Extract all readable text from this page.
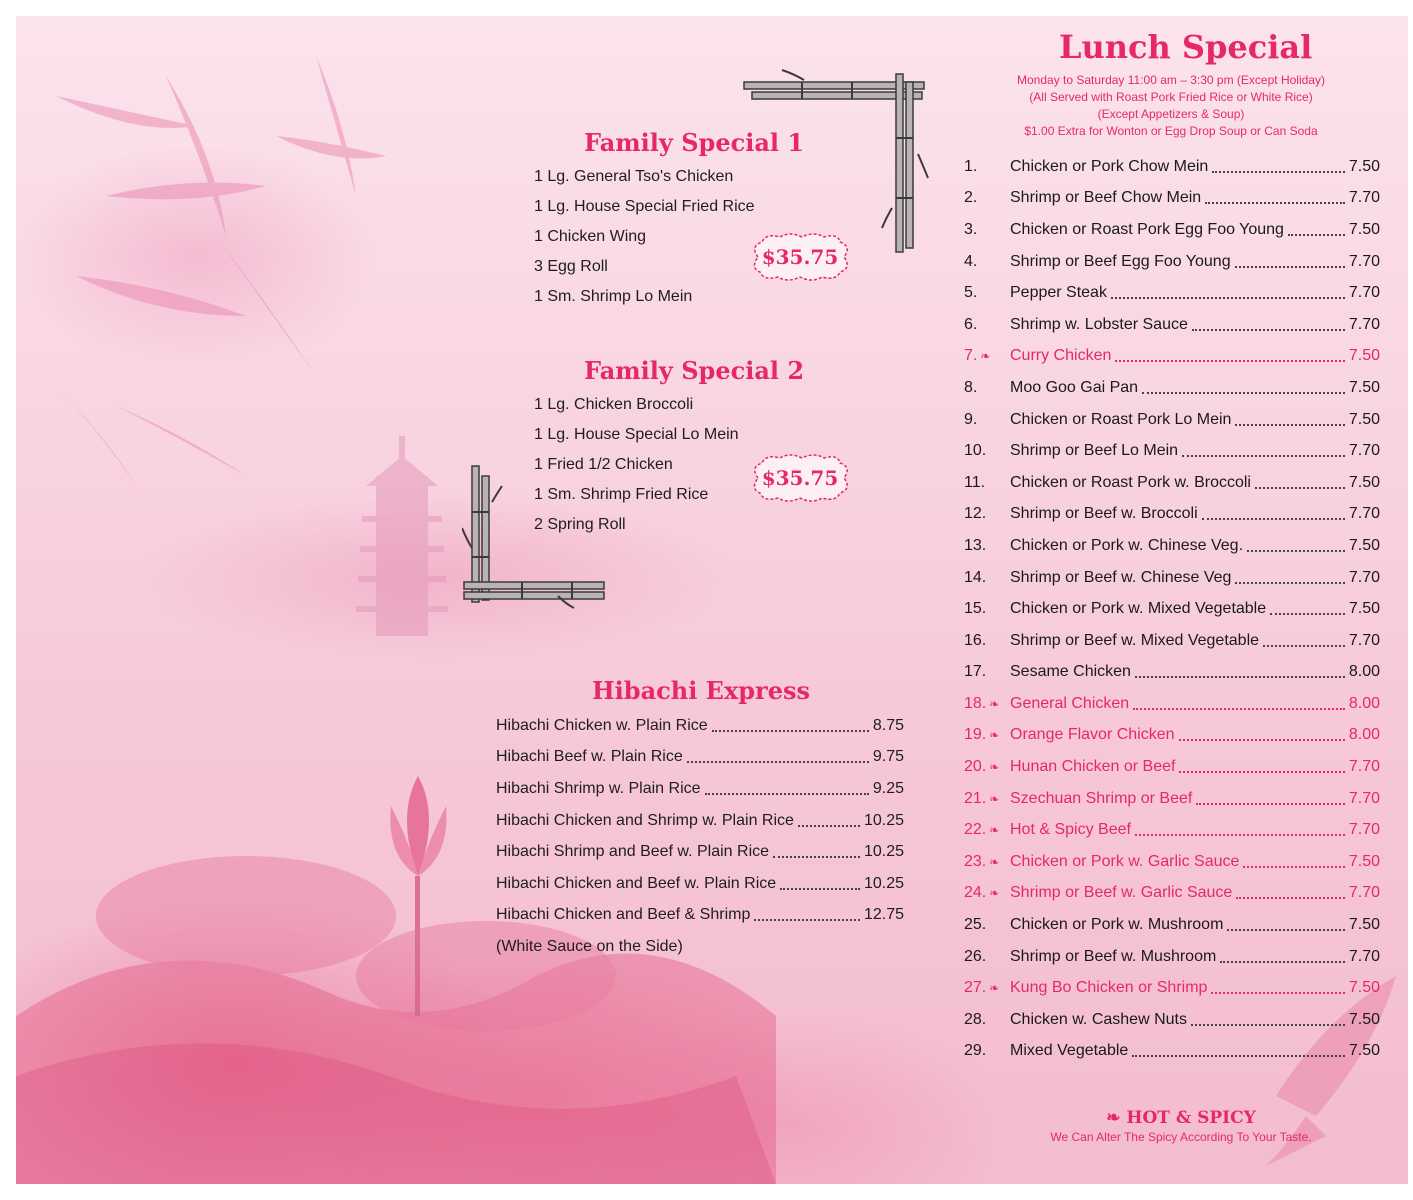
Family Special 1
1 Lg. General Tso's Chicken
1 Lg. House Special Fried Rice
1 Chicken Wing
3 Egg Roll
1 Sm. Shrimp Lo Mein
$35.75
Family Special 2
1 Lg. Chicken Broccoli
1 Lg. House Special Lo Mein
1 Fried 1/2 Chicken
1 Sm. Shrimp Fried Rice
2 Spring Roll
$35.75
Hibachi Express
Hibachi Chicken w. Plain Rice	8.75
Hibachi Beef w. Plain Rice	9.75
Hibachi Shrimp w. Plain Rice	9.25
Hibachi Chicken and Shrimp w. Plain Rice	10.25
Hibachi Shrimp and Beef w. Plain Rice	10.25
Hibachi Chicken and Beef w. Plain Rice	10.25
Hibachi Chicken and Beef & Shrimp	12.75
(White Sauce on the Side)
Lunch Special
Monday to Saturday 11:00 am – 3:30 pm (Except Holiday)
(All Served with Roast Pork Fried Rice or White Rice)
(Except Appetizers & Soup)
$1.00 Extra for Wonton or Egg Drop Soup or Can Soda
1. Chicken or Pork Chow Mein	7.50
2. Shrimp or Beef Chow Mein	7.70
3. Chicken or Roast Pork Egg Foo Young	7.50
4. Shrimp or Beef Egg Foo Young	7.70
5. Pepper Steak	7.70
6. Shrimp w. Lobster Sauce	7.70
7. ❧ Curry Chicken	7.50
8. Moo Goo Gai Pan	7.50
9. Chicken or Roast Pork Lo Mein	7.50
10. Shrimp or Beef Lo Mein	7.70
11. Chicken or Roast Pork w. Broccoli	7.50
12. Shrimp or Beef w. Broccoli	7.70
13. Chicken or Pork w. Chinese Veg.	7.50
14. Shrimp or Beef w. Chinese Veg	7.70
15. Chicken or Pork w. Mixed Vegetable	7.50
16. Shrimp or Beef w. Mixed Vegetable	7.70
17. Sesame Chicken	8.00
18. ❧ General Chicken	8.00
19. ❧ Orange Flavor Chicken	8.00
20. ❧ Hunan Chicken or Beef	7.70
21. ❧ Szechuan Shrimp or Beef	7.70
22. ❧ Hot & Spicy Beef	7.70
23. ❧ Chicken or Pork w. Garlic Sauce	7.50
24. ❧ Shrimp or Beef w. Garlic Sauce	7.70
25. Chicken or Pork w. Mushroom	7.50
26. Shrimp or Beef w. Mushroom	7.70
27. ❧ Kung Bo Chicken or Shrimp	7.50
28. Chicken w. Cashew Nuts	7.50
29. Mixed Vegetable	7.50
❧ HOT & SPICY
We Can Alter The Spicy According To Your Taste.
